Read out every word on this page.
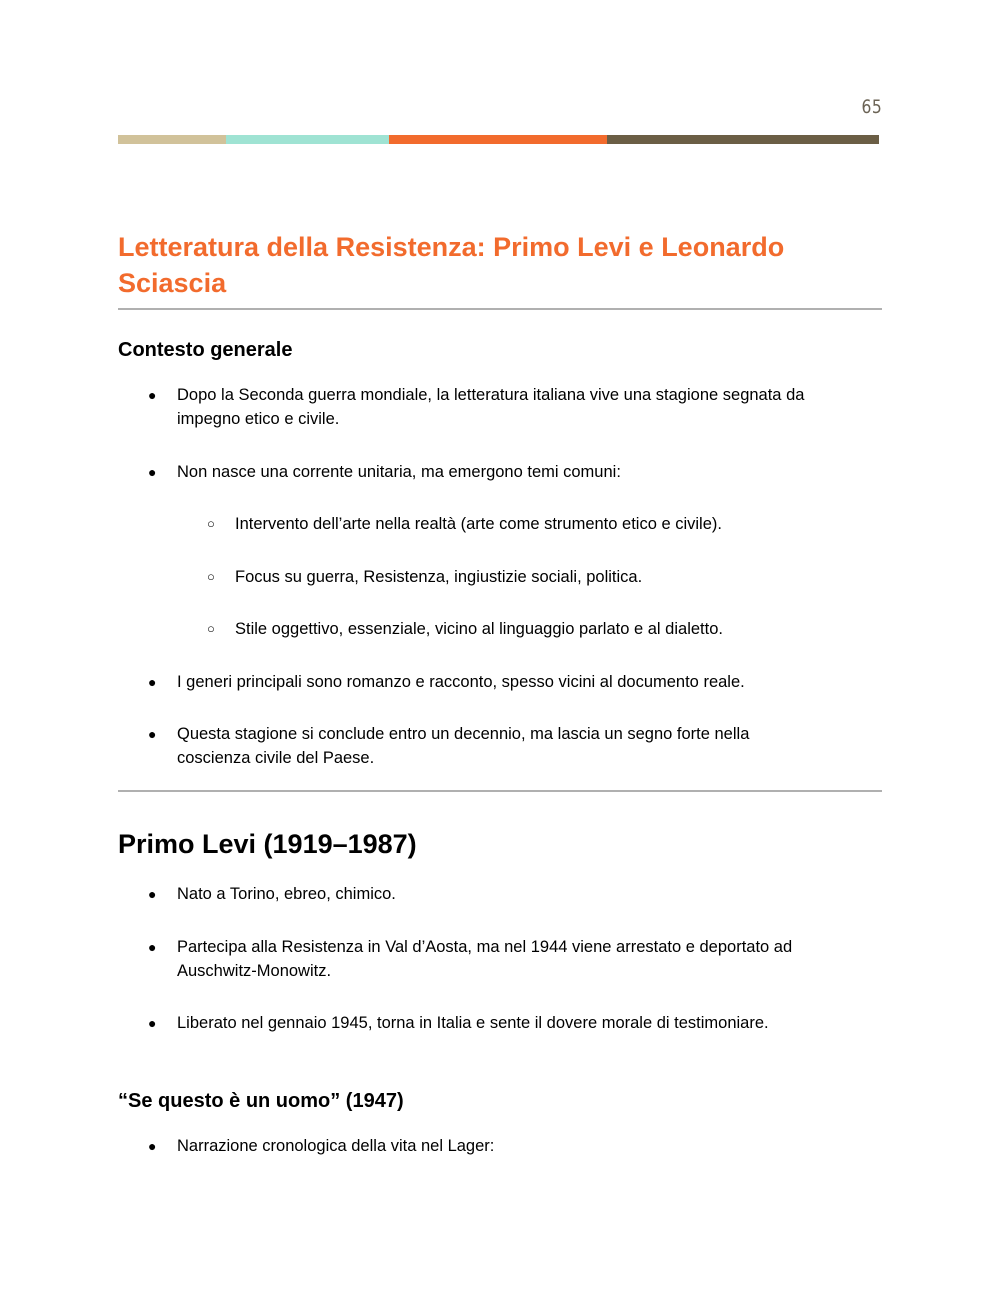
65
Letteratura della Resistenza: Primo Levi e Leonardo
Sciascia
Contesto generale
● Dopo la Seconda guerra mondiale, la letteratura italiana vive una stagione segnata da
impegno etico e civile.
● Non nasce una corrente unitaria, ma emergono temi comuni:
○ Intervento dell’arte nella realtà (arte come strumento etico e civile).
○ Focus su guerra, Resistenza, ingiustizie sociali, politica.
○ Stile oggettivo, essenziale, vicino al linguaggio parlato e al dialetto.
● I generi principali sono romanzo e racconto, spesso vicini al documento reale.
● Questa stagione si conclude entro un decennio, ma lascia un segno forte nella
coscienza civile del Paese.
Primo Levi (1919–1987)
● Nato a Torino, ebreo, chimico.
● Partecipa alla Resistenza in Val d’Aosta, ma nel 1944 viene arrestato e deportato ad
Auschwitz-Monowitz.
● Liberato nel gennaio 1945, torna in Italia e sente il dovere morale di testimoniare.
“Se questo è un uomo” (1947)
● Narrazione cronologica della vita nel Lager:
